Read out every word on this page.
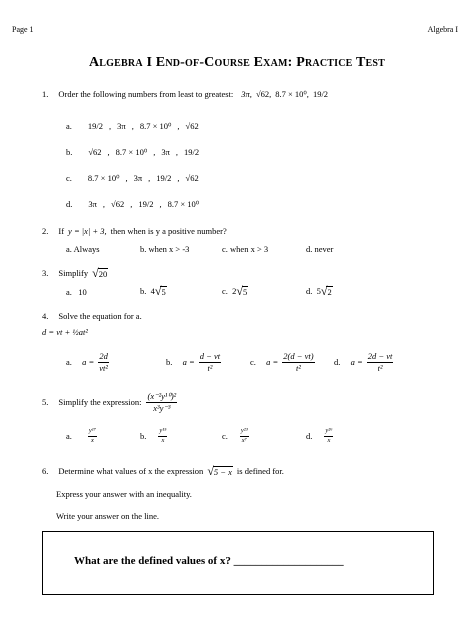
Page 1	Algebra I
Algebra I End-of-Course Exam: Practice Test
1. Order the following numbers from least to greatest: 3π, √62, 8.7 × 10⁰, 19/2
a. 19/2 , 3π , 8.7 × 10⁰ , √62
b. √62 , 8.7 × 10⁰ , 3π , 19/2
c. 8.7 × 10⁰ , 3π , 19/2 , √62
d. 3π , √62 , 19/2 , 8.7 × 10⁰
2. If y = |x| + 3, then when is y a positive number?
a. Always	b. when x > -3	c. when x > 3	d. never
3. Simplify √ 20
a. 10	b.
4 √ 5	c.
2 √ 5	d.
5 √ 2
4. Solve the equation for a.
d = vt + ½at²
a.
$a = \frac{2d}{\text{vt²}}$	b.
$a = \frac{d - vt}{\text{t²}}$	c.
$a = \frac{2(d - vt)}{\text{t²}} d$.
$a = \frac{2d - vt}{\text{t²}}$
5. Simplify the expression: $\frac{\text{(x⁻²y¹⁰)²}}{\text{x³y⁻³}}$
a. $\frac{\text{y¹⁷}}{x}$	b. $\frac{\text{y¹⁵}}{x}$	c. $\frac{\text{y²³}}{\text{x⁷}}$	d. $\frac{\text{y²⁶}}{x}$
6. Determine what values of x the expression √ 5 − x is defined for.
Express your answer with an inequality.
Write your answer on the line.
What are the defined values of x? ____________________
